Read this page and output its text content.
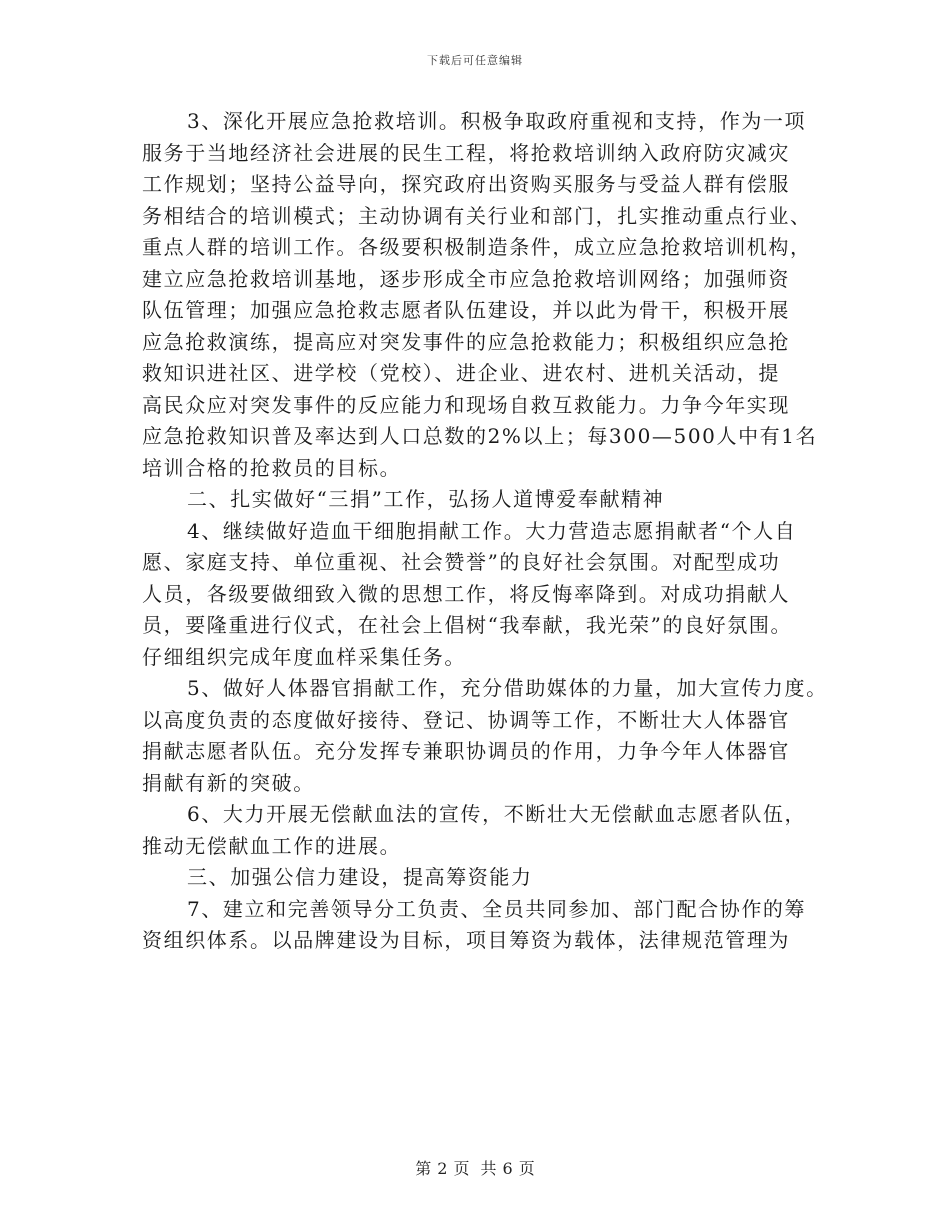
下载后可任意编辑
3、深化开展应急抢救培训。积极争取政府重视和支持，作为一项
服务于当地经济社会进展的民生工程，将抢救培训纳入政府防灾减灾
工作规划；坚持公益导向，探究政府出资购买服务与受益人群有偿服
务相结合的培训模式；主动协调有关行业和部门，扎实推动重点行业、
重点人群的培训工作。各级要积极制造条件，成立应急抢救培训机构，
建立应急抢救培训基地，逐步形成全市应急抢救培训网络；加强师资
队伍管理；加强应急抢救志愿者队伍建设，并以此为骨干，积极开展
应急抢救演练，提高应对突发事件的应急抢救能力；积极组织应急抢
救知识进社区、进学校（党校）、进企业、进农村、进机关活动，提
高民众应对突发事件的反应能力和现场自救互救能力。力争今年实现
应急抢救知识普及率达到人口总数的2%以上；每300—500人中有1名
培训合格的抢救员的目标。
二、扎实做好“三捐”工作，弘扬人道博爱奉献精神
4、继续做好造血干细胞捐献工作。大力营造志愿捐献者“个人自
愿、家庭支持、单位重视、社会赞誉”的良好社会氛围。对配型成功
人员，各级要做细致入微的思想工作，将反悔率降到。对成功捐献人
员，要隆重进行仪式，在社会上倡树“我奉献，我光荣”的良好氛围。
仔细组织完成年度血样采集任务。
5、做好人体器官捐献工作，充分借助媒体的力量，加大宣传力度。
以高度负责的态度做好接待、登记、协调等工作，不断壮大人体器官
捐献志愿者队伍。充分发挥专兼职协调员的作用，力争今年人体器官
捐献有新的突破。
6、大力开展无偿献血法的宣传，不断壮大无偿献血志愿者队伍，
推动无偿献血工作的进展。
三、加强公信力建设，提高筹资能力
7、建立和完善领导分工负责、全员共同参加、部门配合协作的筹
资组织体系。以品牌建设为目标，项目筹资为载体，法律规范管理为
第 2 页 共 6 页
